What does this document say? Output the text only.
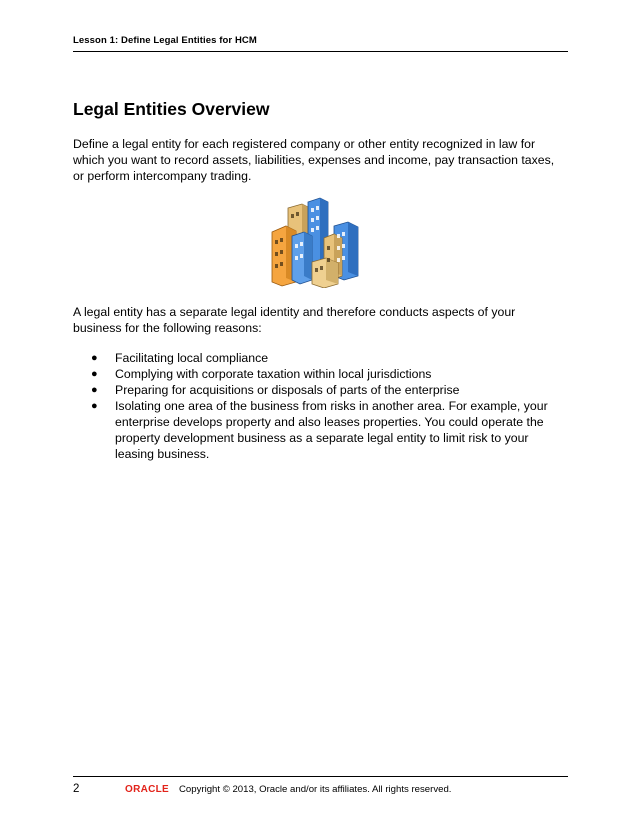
Lesson 1: Define Legal Entities for HCM
Legal Entities Overview

Define a legal entity for each registered company or other entity recognized in law for which you want to record assets, liabilities, expenses and income, pay transaction taxes, or perform intercompany trading.

A legal entity has a separate legal identity and therefore conducts aspects of your business for the following reasons:

● Facilitating local compliance
● Complying with corporate taxation within local jurisdictions
● Preparing for acquisitions or disposals of parts of the enterprise
● Isolating one area of the business from risks in another area. For example, your enterprise develops property and also leases properties. You could operate the property development business as a separate legal entity to limit risk to your leasing business.
2	ORACLE Copyright © 2013, Oracle and/or its affiliates. All rights reserved.
